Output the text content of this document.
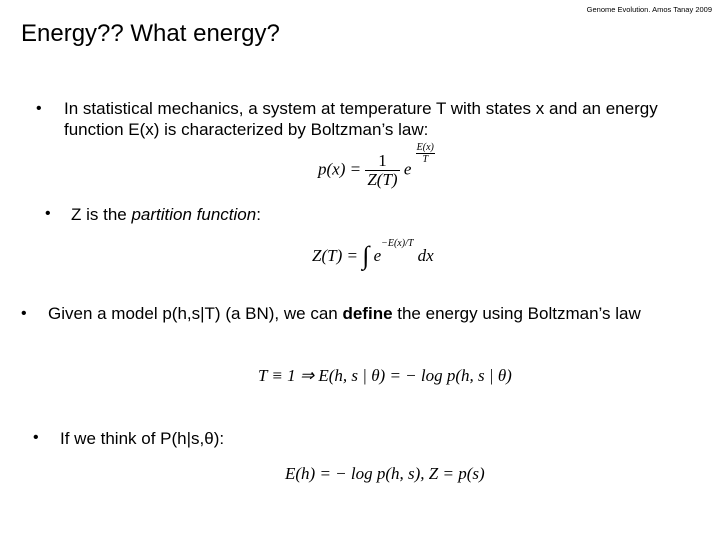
Genome Evolution. Amos Tanay 2009
Energy?? What energy?
• In statistical mechanics, a system at temperature T with states x and an energy function E(x) is characterized by Boltzman’s law:
$p(x) = \frac{1}{Z(T)}$ e
$\frac{E(x)}{T}$
• Z is the partition function:
Z(T) = ∫ $e^{-E(x)/T}$ dx
• Given a model p(h,s|T) (a BN), we can define the energy using Boltzman’s law
T ≡ 1 ⇒ E(h, s | θ) = − log p(h, s | θ)
• If we think of P(h|s,θ):
E(h) = − log p(h, s), Z = p(s)
